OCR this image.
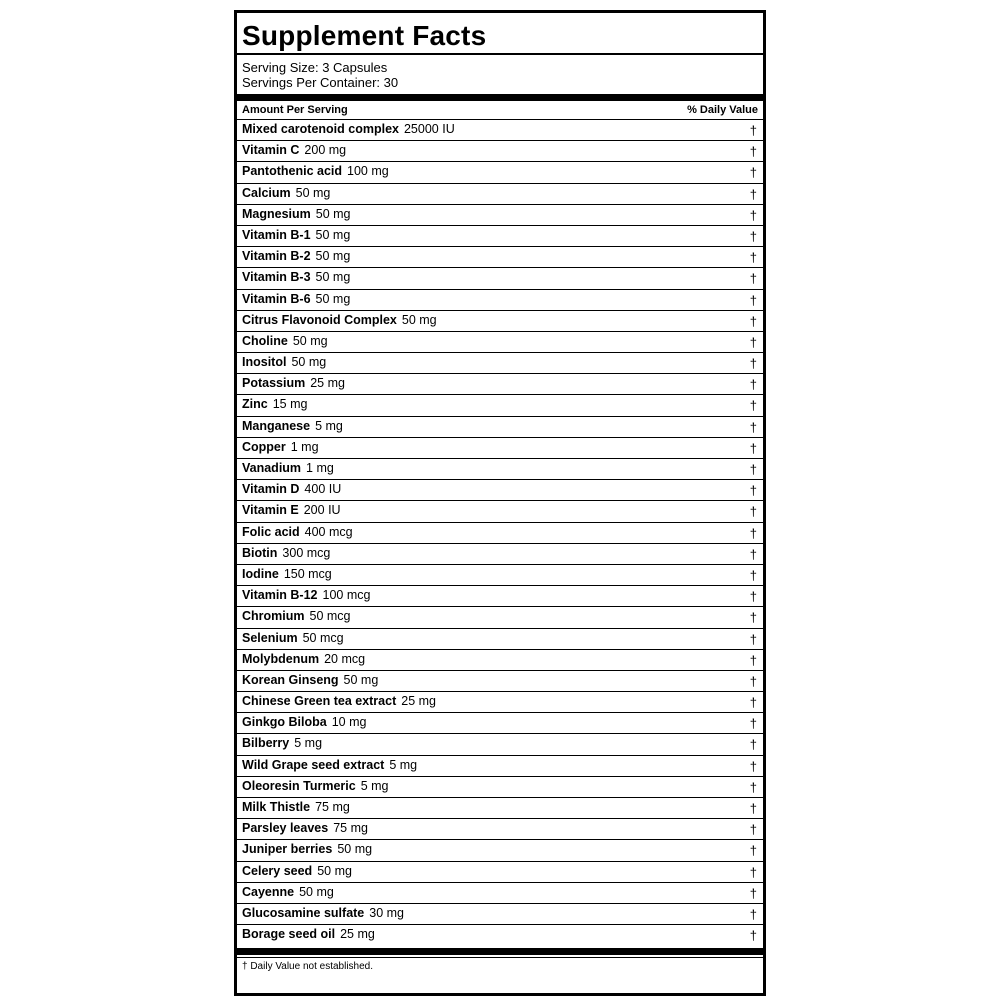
Supplement Facts
Serving Size: 3 Capsules
Servings Per Container: 30
Amount Per Serving	% Daily Value
Mixed carotenoid complex 25000 IU	†
Vitamin C 200 mg	†
Pantothenic acid 100 mg	†
Calcium 50 mg	†
Magnesium 50 mg	†
Vitamin B-1 50 mg	†
Vitamin B-2 50 mg	†
Vitamin B-3 50 mg	†
Vitamin B-6 50 mg	†
Citrus Flavonoid Complex 50 mg	†
Choline 50 mg	†
Inositol 50 mg	†
Potassium 25 mg	†
Zinc 15 mg	†
Manganese 5 mg	†
Copper 1 mg	†
Vanadium 1 mg	†
Vitamin D 400 IU	†
Vitamin E 200 IU	†
Folic acid 400 mcg	†
Biotin 300 mcg	†
Iodine 150 mcg	†
Vitamin B-12 100 mcg	†
Chromium 50 mcg	†
Selenium 50 mcg	†
Molybdenum 20 mcg	†
Korean Ginseng 50 mg	†
Chinese Green tea extract 25 mg	†
Ginkgo Biloba 10 mg	†
Bilberry 5 mg	†
Wild Grape seed extract 5 mg	†
Oleoresin Turmeric 5 mg	†
Milk Thistle 75 mg	†
Parsley leaves 75 mg	†
Juniper berries 50 mg	†
Celery seed 50 mg	†
Cayenne 50 mg	†
Glucosamine sulfate 30 mg	†
Borage seed oil 25 mg	†
† Daily Value not established.
